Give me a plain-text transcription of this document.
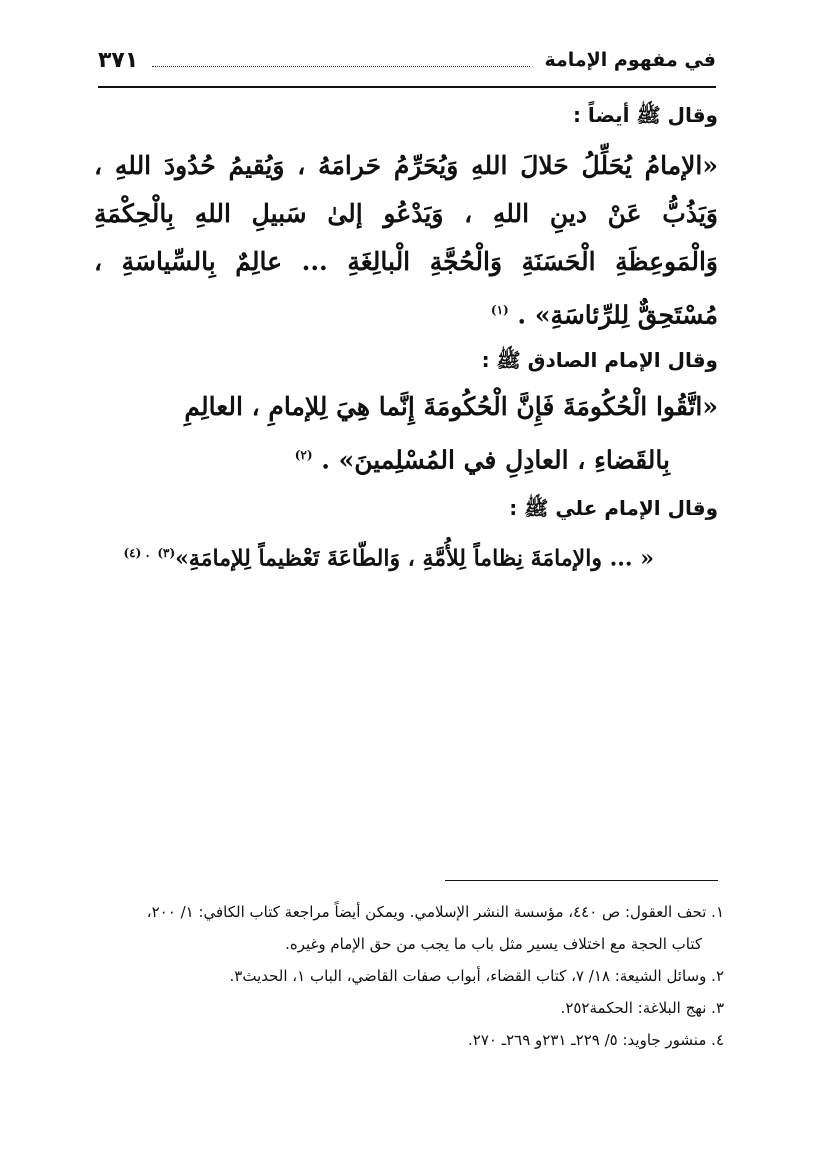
في مفهوم الإمامة
٣٧١

وقال ﷺ أيضاً :

«الإمامُ يُحَلِّلُ حَلالَ اللهِ وَيُحَرِّمُ حَرامَهُ ، وَيُقيمُ حُدُودَ اللهِ ، وَيَذُبُّ عَنْ دينِ اللهِ ، وَيَدْعُو إلىٰ سَبيلِ اللهِ بِالْحِكْمَةِ وَالْمَوعِظَةِ الْحَسَنَةِ وَالْحُجَّةِ الْبالِغَةِ ... عالِمٌ بِالسِّياسَةِ ، مُسْتَحِقٌّ لِلرِّئاسَةِ» . $^{(١)}$

وقال الإمام الصادق ﷺ :

«اتَّقُوا الْحُكُومَةَ فَإِنَّ الْحُكُومَةَ إِنَّما هِيَ لِلإمامِ ، العالِمِ
بِالقَضاءِ ، العادِلِ في المُسْلِمينَ» . $^{(٢)}$

وقال الإمام علي ﷺ :

« ... والإمامَةَ نِظاماً لِلأُمَّةِ ، وَالطّاعَةَ تَعْظيماً لِلإمامَةِ»$^{(٣)}$ $^{. (٤)}$

١. تحف العقول: ص ٤٤٠، مؤسسة النشر الإسلامي. ويمكن أيضاً مراجعة كتاب الكافي: ١/ ٢٠٠،
كتاب الحجة مع اختلاف يسير مثل باب ما يجب من حق الإمام وغيره.
٢. وسائل الشيعة: ١٨/ ٧، كتاب القضاء، أبواب صفات القاضي، الباب ١، الحديث٣.
٣. نهج البلاغة: الحكمة٢٥٢.
٤. منشور جاويد: ٥/ ٢٢٩ـ ٢٣١و ٢٦٩ـ ٢٧٠.
